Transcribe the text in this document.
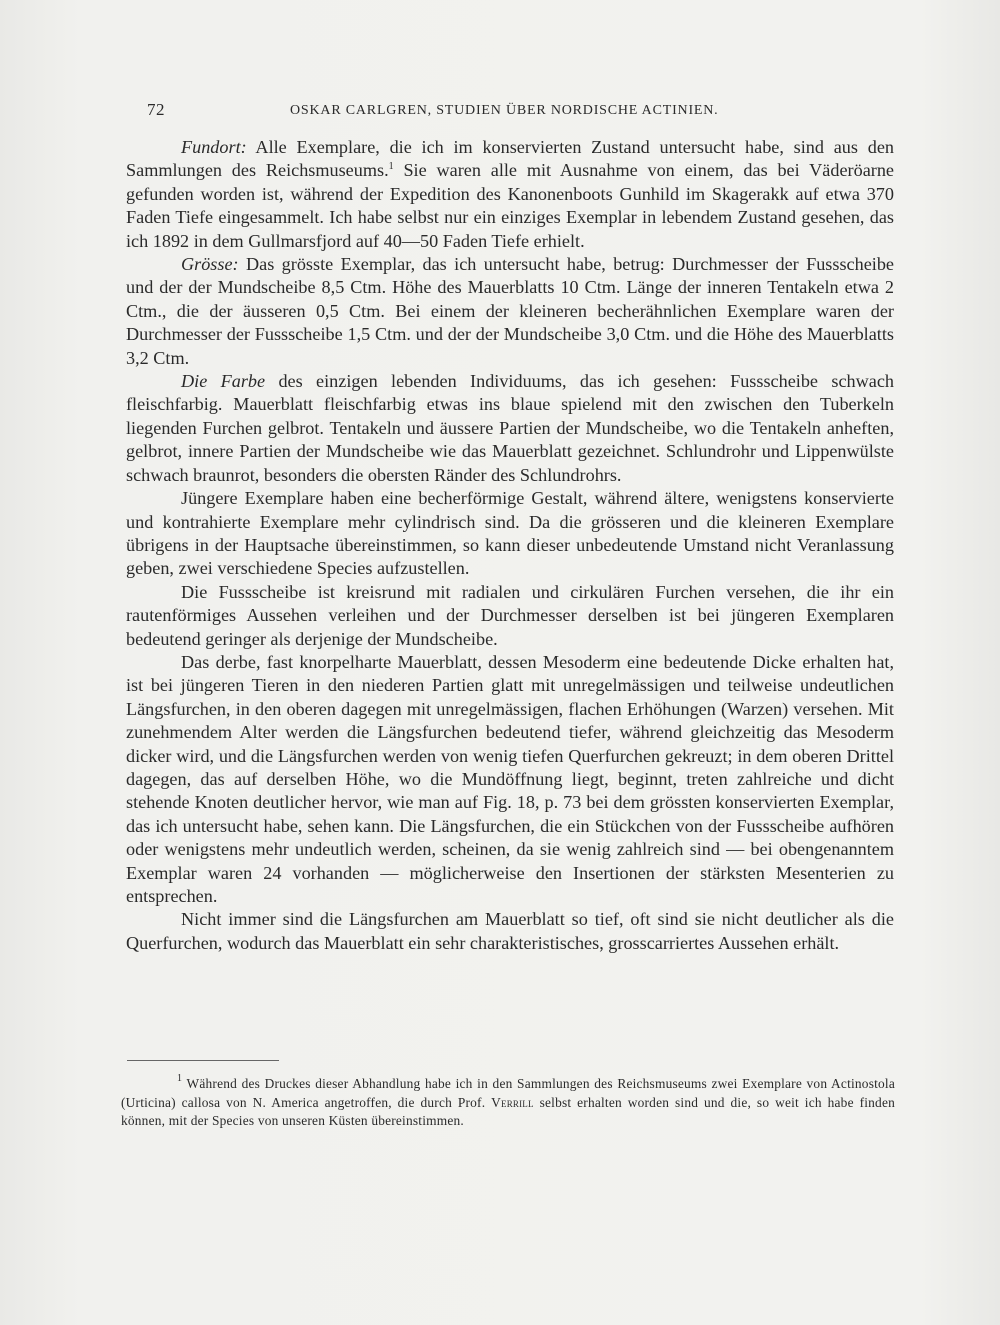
72	OSKAR CARLGREN, STUDIEN ÜBER NORDISCHE ACTINIEN.

Fundort: Alle Exemplare, die ich im konservierten Zustand untersucht habe, sind aus den Sammlungen des Reichsmuseums.$^1$ Sie waren alle mit Ausnahme von einem, das bei Väderöarne gefunden worden ist, während der Expedition des Kanonenboots Gunhild im Skagerakk auf etwa 370 Faden Tiefe eingesammelt. Ich habe selbst nur ein einziges Exemplar in lebendem Zustand gesehen, das ich 1892 in dem Gullmarsfjord auf 40—50 Faden Tiefe erhielt.

Grösse: Das grösste Exemplar, das ich untersucht habe, betrug: Durchmesser der Fussscheibe und der der Mundscheibe 8,5 Ctm. Höhe des Mauerblatts 10 Ctm. Länge der inneren Tentakeln etwa 2 Ctm., die der äusseren 0,5 Ctm. Bei einem der kleineren becherähnlichen Exemplare waren der Durchmesser der Fussscheibe 1,5 Ctm. und der der Mundscheibe 3,0 Ctm. und die Höhe des Mauerblatts 3,2 Ctm.

Die Farbe des einzigen lebenden Individuums, das ich gesehen: Fussscheibe schwach fleischfarbig. Mauerblatt fleischfarbig etwas ins blaue spielend mit den zwischen den Tuberkeln liegenden Furchen gelbrot. Tentakeln und äussere Partien der Mundscheibe, wo die Tentakeln anheften, gelbrot, innere Partien der Mundscheibe wie das Mauerblatt gezeichnet. Schlundrohr und Lippenwülste schwach braunrot, besonders die obersten Ränder des Schlundrohrs.

Jüngere Exemplare haben eine becherförmige Gestalt, während ältere, wenigstens konservierte und kontrahierte Exemplare mehr cylindrisch sind. Da die grösseren und die kleineren Exemplare übrigens in der Hauptsache übereinstimmen, so kann dieser unbedeutende Umstand nicht Veranlassung geben, zwei verschiedene Species aufzustellen.

Die Fussscheibe ist kreisrund mit radialen und cirkulären Furchen versehen, die ihr ein rautenförmiges Aussehen verleihen und der Durchmesser derselben ist bei jüngeren Exemplaren bedeutend geringer als derjenige der Mundscheibe.

Das derbe, fast knorpelharte Mauerblatt, dessen Mesoderm eine bedeutende Dicke erhalten hat, ist bei jüngeren Tieren in den niederen Partien glatt mit unregelmässigen und teilweise undeutlichen Längsfurchen, in den oberen dagegen mit unregelmässigen, flachen Erhöhungen (Warzen) versehen. Mit zunehmendem Alter werden die Längsfurchen bedeutend tiefer, während gleichzeitig das Mesoderm dicker wird, und die Längsfurchen werden von wenig tiefen Querfurchen gekreuzt; in dem oberen Drittel dagegen, das auf derselben Höhe, wo die Mundöffnung liegt, beginnt, treten zahlreiche und dicht stehende Knoten deutlicher hervor, wie man auf Fig. 18, p. 73 bei dem grössten konservierten Exemplar, das ich untersucht habe, sehen kann. Die Längsfurchen, die ein Stückchen von der Fussscheibe aufhören oder wenigstens mehr undeutlich werden, scheinen, da sie wenig zahlreich sind — bei obengenanntem Exemplar waren 24 vorhanden — möglicherweise den Insertionen der stärksten Mesenterien zu entsprechen.

Nicht immer sind die Längsfurchen am Mauerblatt so tief, oft sind sie nicht deutlicher als die Querfurchen, wodurch das Mauerblatt ein sehr charakteristisches, grosscarriertes Aussehen erhält.

$^1$ Während des Druckes dieser Abhandlung habe ich in den Sammlungen des Reichsmuseums zwei Exemplare von Actinostola (Urticina) callosa von N. America angetroffen, die durch Prof. Verrill selbst erhalten worden sind und die, so weit ich habe finden können, mit der Species von unseren Küsten übereinstimmen.
